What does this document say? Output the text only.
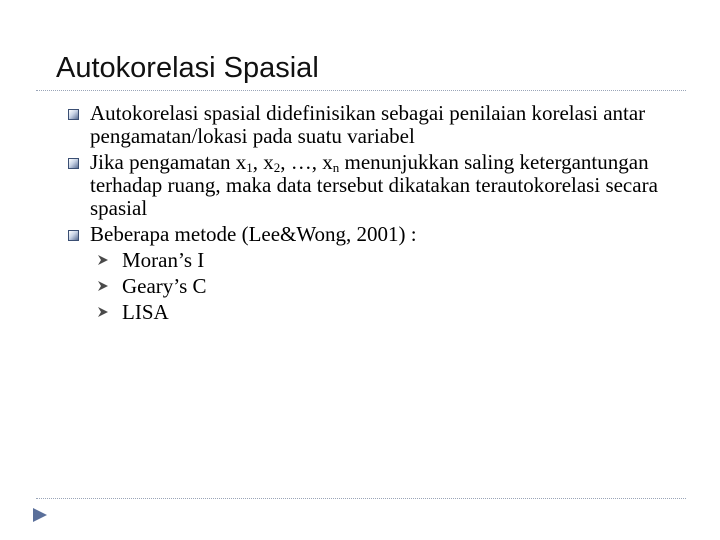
Autokorelasi Spasial
Autokorelasi spasial didefinisikan sebagai penilaian korelasi antar pengamatan/lokasi pada suatu variabel
Jika pengamatan $x_1$, $x_2$, …, $x_n$ menunjukkan saling ketergantungan terhadap ruang, maka data tersebut dikatakan terautokorelasi secara spasial
Beberapa metode (Lee&Wong, 2001) :
Moran’s I
Geary’s C
LISA
